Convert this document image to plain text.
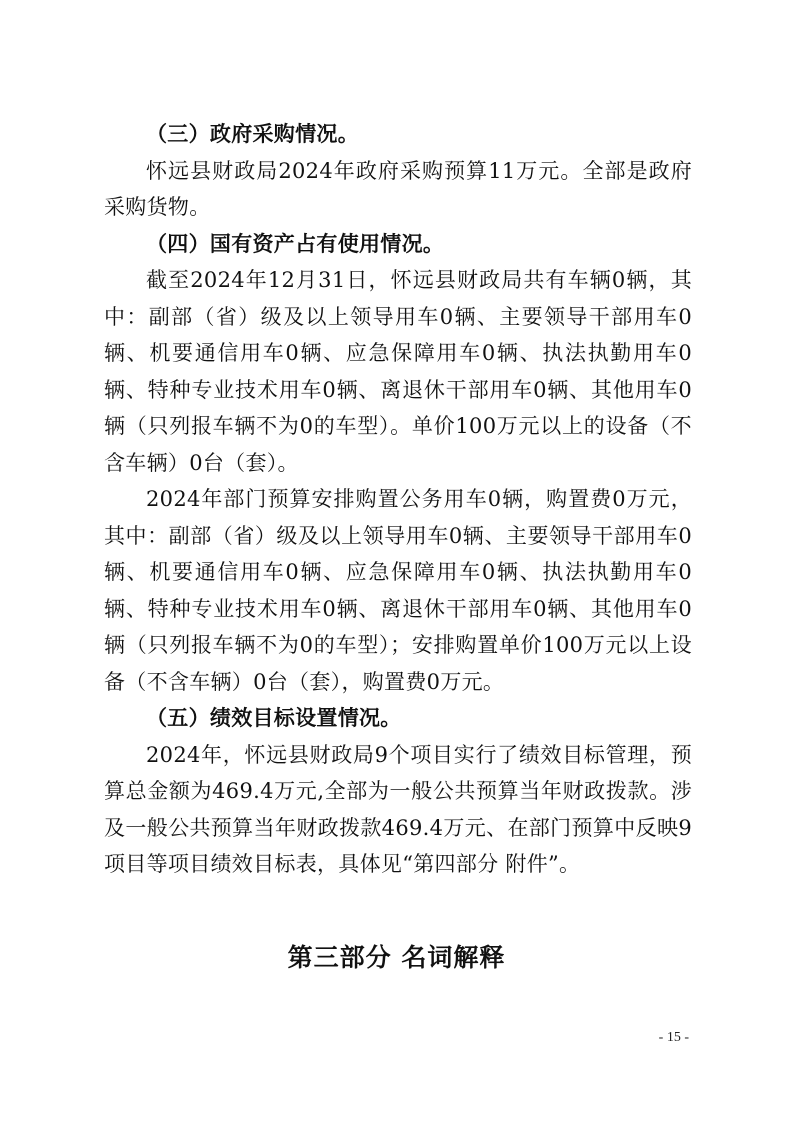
（三）政府采购情况。

怀远县财政局2024年政府采购预算11万元。全部是政府采购货物。

（四）国有资产占有使用情况。

截至2024年12月31日，怀远县财政局共有车辆0辆，其中：副部（省）级及以上领导用车0辆、主要领导干部用车0辆、机要通信用车0辆、应急保障用车0辆、执法执勤用车0辆、特种专业技术用车0辆、离退休干部用车0辆、其他用车0辆（只列报车辆不为0的车型）。单价100万元以上的设备（不含车辆）0台（套）。

2024年部门预算安排购置公务用车0辆，购置费0万元，其中：副部（省）级及以上领导用车0辆、主要领导干部用车0辆、机要通信用车0辆、应急保障用车0辆、执法执勤用车0辆、特种专业技术用车0辆、离退休干部用车0辆、其他用车0辆（只列报车辆不为0的车型）；安排购置单价100万元以上设备（不含车辆）0台（套），购置费0万元。

（五）绩效目标设置情况。

2024年，怀远县财政局9个项目实行了绩效目标管理，预算总金额为469.4万元,全部为一般公共预算当年财政拨款。涉及一般公共预算当年财政拨款469.4万元、在部门预算中反映9项目等项目绩效目标表，具体见“第四部分 附件”。

第三部分 名词解释
- 15 -
